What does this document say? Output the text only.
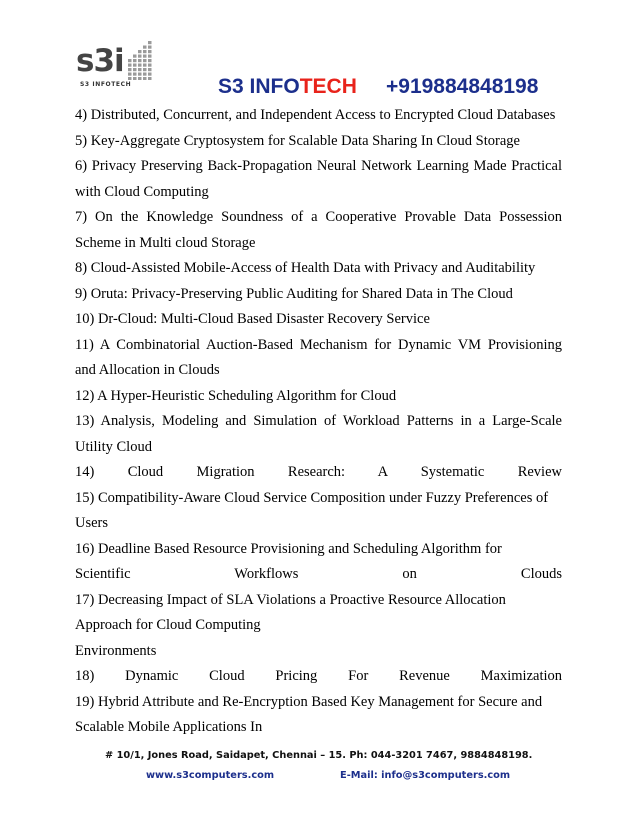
s3i
S3 INFOTECH	S3 INFOTECH +919884848198
4) Distributed, Concurrent, and Independent Access to Encrypted Cloud Databases
5) Key-Aggregate Cryptosystem for Scalable Data Sharing In Cloud Storage
6) Privacy Preserving Back-Propagation Neural Network Learning Made Practical
with Cloud Computing
7) On the Knowledge Soundness of a Cooperative Provable Data Possession
Scheme in Multi cloud Storage
8) Cloud-Assisted Mobile-Access of Health Data with Privacy and Auditability
9) Oruta: Privacy-Preserving Public Auditing for Shared Data in The Cloud
10) Dr-Cloud: Multi-Cloud Based Disaster Recovery Service
11) A Combinatorial Auction-Based Mechanism for Dynamic VM Provisioning
and Allocation in Clouds
12) A Hyper-Heuristic Scheduling Algorithm for Cloud
13) Analysis, Modeling and Simulation of Workload Patterns in a Large-Scale
Utility Cloud
14) Cloud Migration Research: A Systematic Review
15) Compatibility-Aware Cloud Service Composition under Fuzzy Preferences of
Users
16) Deadline Based Resource Provisioning and Scheduling Algorithm for
Scientific Workflows on Clouds
17) Decreasing Impact of SLA Violations a Proactive Resource Allocation
Approach for Cloud Computing
Environments
18) Dynamic Cloud Pricing For Revenue Maximization
19) Hybrid Attribute and Re-Encryption Based Key Management for Secure and
Scalable Mobile Applications In
# 10/1, Jones Road, Saidapet, Chennai – 15. Ph: 044-3201 7467, 9884848198.
www.s3computers.com	E-Mail: info@s3computers.com
